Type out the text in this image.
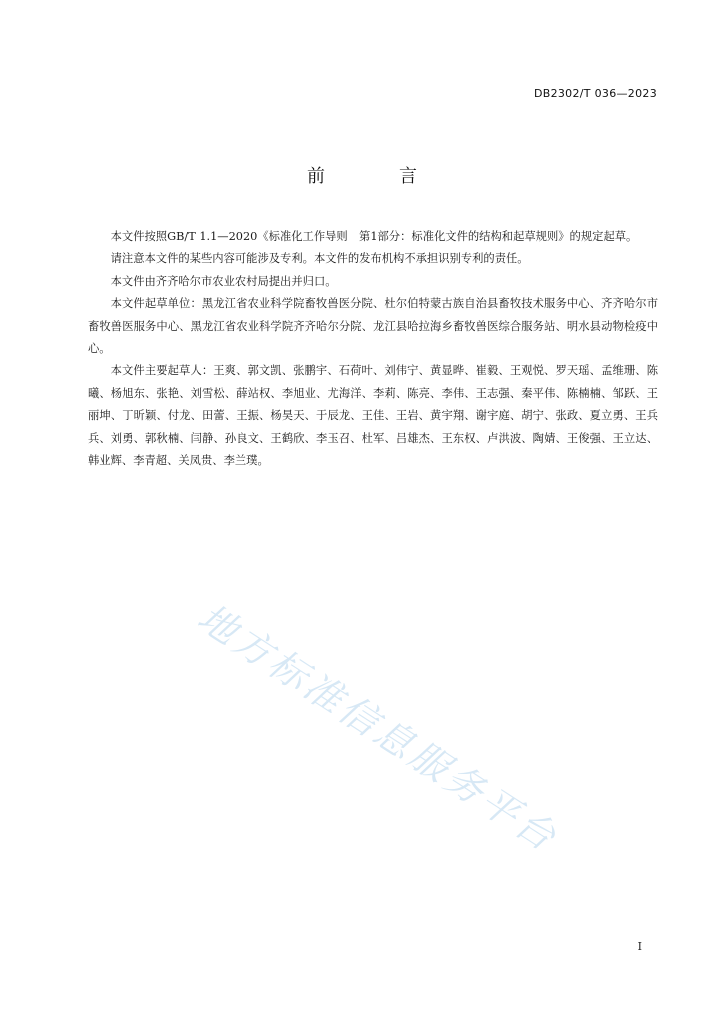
DB2302/T 036—2023
前　言

本文件按照GB/T 1.1—2020《标准化工作导则　第1部分：标准化文件的结构和起草规则》的规定起草。

请注意本文件的某些内容可能涉及专利。本文件的发布机构不承担识别专利的责任。

本文件由齐齐哈尔市农业农村局提出并归口。

本文件起草单位：黑龙江省农业科学院畜牧兽医分院、杜尔伯特蒙古族自治县畜牧技术服务中心、齐齐哈尔市畜牧兽医服务中心、黑龙江省农业科学院齐齐哈尔分院、龙江县哈拉海乡畜牧兽医综合服务站、明水县动物检疫中心。

本文件主要起草人：王爽、郭文凯、张鹏宇、石荷叶、刘伟宁、黄显晔、崔毅、王观悦、罗天瑶、孟维珊、陈曦、杨旭东、张艳、刘雪松、薛站权、李旭业、尤海洋、李莉、陈亮、李伟、王志强、秦平伟、陈楠楠、邹跃、王丽坤、丁昕颖、付龙、田蕾、王振、杨昊天、于辰龙、王佳、王岩、黄宇翔、谢宇庭、胡宁、张政、夏立勇、王兵兵、刘勇、郭秋楠、闫静、孙良文、王鹤欣、李玉召、杜军、吕雄杰、王东权、卢洪波、陶婧、王俊强、王立达、韩业辉、李青超、关凤贵、李兰璞。

地方标准信息服务平台
I
